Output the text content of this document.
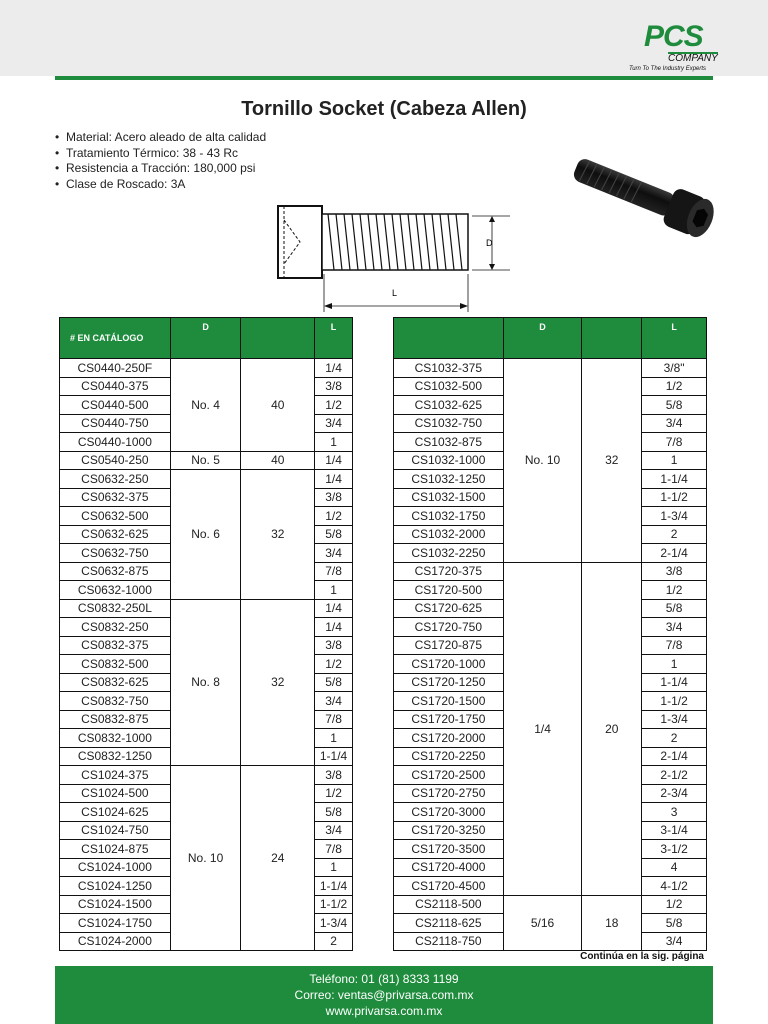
PCS
COMPANY
Turn To The Industry Experts
Tornillo Socket (Cabeza Allen)
• Material: Acero aleado de alta calidad
• Tratamiento Térmico: 38 - 43 Rc
• Resistencia a Tracción: 180,000 psi
• Clase de Roscado: 3A
D
L
# EN CATÁLOGO	D		L
CS0440-250F	No. 4	40	1/4
CS0440-375			3/8
CS0440-500			1/2
CS0440-750			3/4
CS0440-1000			1
CS0540-250	No. 5	40	1/4
CS0632-250	No. 6	32	1/4
CS0632-375			3/8
CS0632-500			1/2
CS0632-625			5/8
CS0632-750			3/4
CS0632-875			7/8
CS0632-1000			1
CS0832-250L	No. 8	32	1/4
CS0832-250			1/4
CS0832-375			3/8
CS0832-500			1/2
CS0832-625			5/8
CS0832-750			3/4
CS0832-875			7/8
CS0832-1000			1
CS0832-1250			1-1/4
CS1024-375	No. 10	24	3/8
CS1024-500			1/2
CS1024-625			5/8
CS1024-750			3/4
CS1024-875			7/8
CS1024-1000			1
CS1024-1250			1-1/4
CS1024-1500			1-1/2
CS1024-1750			1-3/4
CS1024-2000			2
	D		L
CS1032-375	No. 10	32	3/8"
CS1032-500			1/2
CS1032-625			5/8
CS1032-750			3/4
CS1032-875			7/8
CS1032-1000			1
CS1032-1250			1-1/4
CS1032-1500			1-1/2
CS1032-1750			1-3/4
CS1032-2000			2
CS1032-2250			2-1/4
CS1720-375	1/4	20	3/8
CS1720-500			1/2
CS1720-625			5/8
CS1720-750			3/4
CS1720-875			7/8
CS1720-1000			1
CS1720-1250			1-1/4
CS1720-1500			1-1/2
CS1720-1750			1-3/4
CS1720-2000			2
CS1720-2250			2-1/4
CS1720-2500			2-1/2
CS1720-2750			2-3/4
CS1720-3000			3
CS1720-3250			3-1/4
CS1720-3500			3-1/2
CS1720-4000			4
CS1720-4500			4-1/2
CS2118-500	5/16	18	1/2
CS2118-625			5/8
CS2118-750			3/4
Continúa en la sig. página
Teléfono: 01 (81) 8333 1199
Correo: ventas@privarsa.com.mx
www.privarsa.com.mx
